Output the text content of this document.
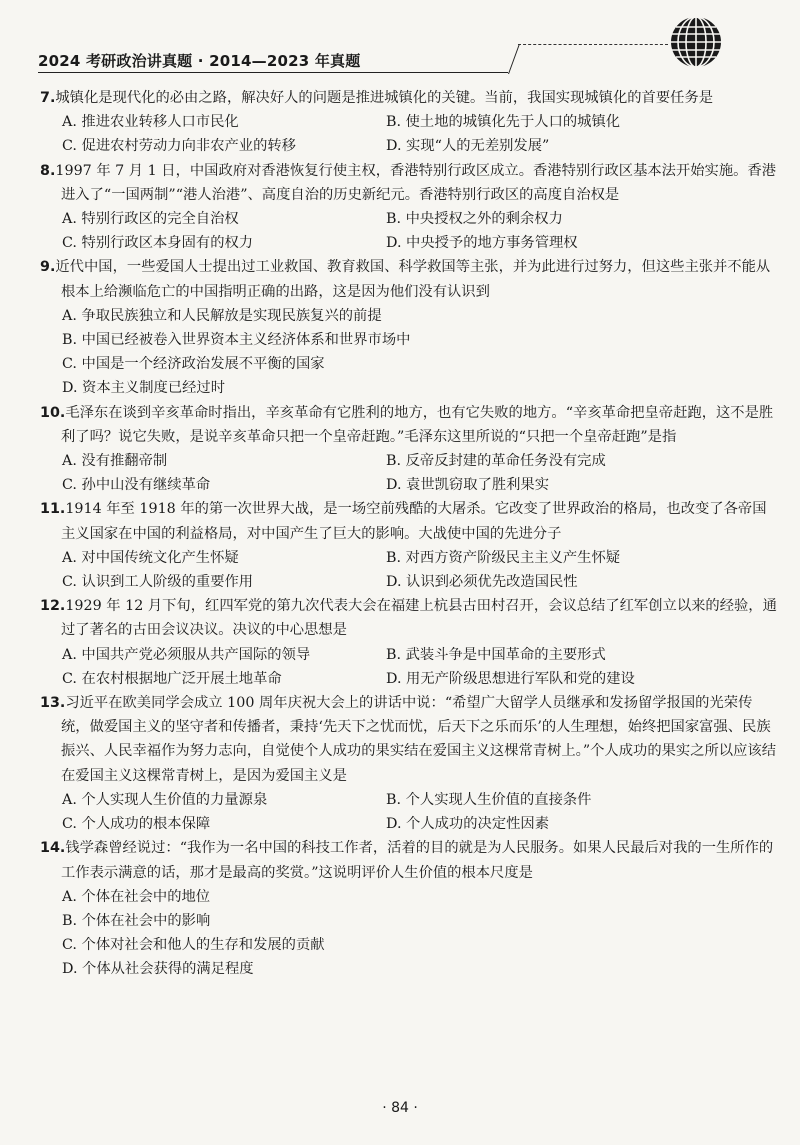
2024 考研政治讲真题 · 2014—2023 年真题
7.城镇化是现代化的必由之路，解决好人的问题是推进城镇化的关键。当前，我国实现城镇化的首要任务是
A. 推进农业转移人口市民化	B. 使土地的城镇化先于人口的城镇化
C. 促进农村劳动力向非农产业的转移	D. 实现“人的无差别发展”
8.1997 年 7 月 1 日，中国政府对香港恢复行使主权，香港特别行政区成立。香港特别行政区基本法开始实施。香港进入了“一国两制”“港人治港”、高度自治的历史新纪元。香港特别行政区的高度自治权是
A. 特别行政区的完全自治权	B. 中央授权之外的剩余权力
C. 特别行政区本身固有的权力	D. 中央授予的地方事务管理权
9.近代中国，一些爱国人士提出过工业救国、教育救国、科学救国等主张，并为此进行过努力，但这些主张并不能从根本上给濒临危亡的中国指明正确的出路，这是因为他们没有认识到
A. 争取民族独立和人民解放是实现民族复兴的前提
B. 中国已经被卷入世界资本主义经济体系和世界市场中
C. 中国是一个经济政治发展不平衡的国家
D. 资本主义制度已经过时
10.毛泽东在谈到辛亥革命时指出，辛亥革命有它胜利的地方，也有它失败的地方。“辛亥革命把皇帝赶跑，这不是胜利了吗？说它失败，是说辛亥革命只把一个皇帝赶跑。”毛泽东这里所说的“只把一个皇帝赶跑”是指
A. 没有推翻帝制	B. 反帝反封建的革命任务没有完成
C. 孙中山没有继续革命	D. 袁世凯窃取了胜利果实
11.1914 年至 1918 年的第一次世界大战，是一场空前残酷的大屠杀。它改变了世界政治的格局，也改变了各帝国主义国家在中国的利益格局，对中国产生了巨大的影响。大战使中国的先进分子
A. 对中国传统文化产生怀疑	B. 对西方资产阶级民主主义产生怀疑
C. 认识到工人阶级的重要作用	D. 认识到必须优先改造国民性
12.1929 年 12 月下旬，红四军党的第九次代表大会在福建上杭县古田村召开，会议总结了红军创立以来的经验，通过了著名的古田会议决议。决议的中心思想是
A. 中国共产党必须服从共产国际的领导	B. 武装斗争是中国革命的主要形式
C. 在农村根据地广泛开展土地革命	D. 用无产阶级思想进行军队和党的建设
13.习近平在欧美同学会成立 100 周年庆祝大会上的讲话中说：“希望广大留学人员继承和发扬留学报国的光荣传统，做爱国主义的坚守者和传播者，秉持‘先天下之忧而忧，后天下之乐而乐’的人生理想，始终把国家富强、民族振兴、人民幸福作为努力志向，自觉使个人成功的果实结在爱国主义这棵常青树上。”个人成功的果实之所以应该结在爱国主义这棵常青树上，是因为爱国主义是
A. 个人实现人生价值的力量源泉	B. 个人实现人生价值的直接条件
C. 个人成功的根本保障	D. 个人成功的决定性因素
14.钱学森曾经说过：“我作为一名中国的科技工作者，活着的目的就是为人民服务。如果人民最后对我的一生所作的工作表示满意的话，那才是最高的奖赏。”这说明评价人生价值的根本尺度是
A. 个体在社会中的地位
B. 个体在社会中的影响
C. 个体对社会和他人的生存和发展的贡献
D. 个体从社会获得的满足程度
· 84 ·
